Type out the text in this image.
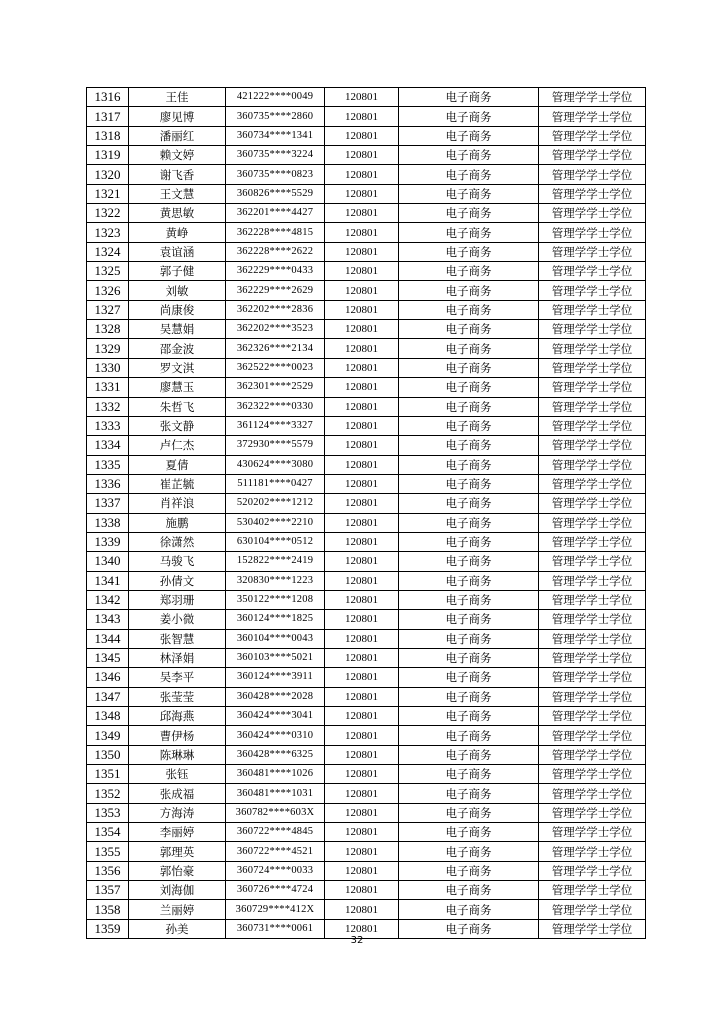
1316	王佳	421222****0049	120801	电子商务	管理学学士学位
1317	廖见博	360735****2860	120801	电子商务	管理学学士学位
1318	潘丽红	360734****1341	120801	电子商务	管理学学士学位
1319	赖文婷	360735****3224	120801	电子商务	管理学学士学位
1320	谢飞香	360735****0823	120801	电子商务	管理学学士学位
1321	王文慧	360826****5529	120801	电子商务	管理学学士学位
1322	黄思敏	362201****4427	120801	电子商务	管理学学士学位
1323	黄峥	362228****4815	120801	电子商务	管理学学士学位
1324	袁谊涵	362228****2622	120801	电子商务	管理学学士学位
1325	郭子健	362229****0433	120801	电子商务	管理学学士学位
1326	刘敏	362229****2629	120801	电子商务	管理学学士学位
1327	尚康俊	362202****2836	120801	电子商务	管理学学士学位
1328	吴慧娟	362202****3523	120801	电子商务	管理学学士学位
1329	邵金波	362326****2134	120801	电子商务	管理学学士学位
1330	罗文淇	362522****0023	120801	电子商务	管理学学士学位
1331	廖慧玉	362301****2529	120801	电子商务	管理学学士学位
1332	朱哲飞	362322****0330	120801	电子商务	管理学学士学位
1333	张文静	361124****3327	120801	电子商务	管理学学士学位
1334	卢仁杰	372930****5579	120801	电子商务	管理学学士学位
1335	夏倩	430624****3080	120801	电子商务	管理学学士学位
1336	崔芷毓	511181****0427	120801	电子商务	管理学学士学位
1337	肖祥浪	520202****1212	120801	电子商务	管理学学士学位
1338	施鹏	530402****2210	120801	电子商务	管理学学士学位
1339	徐潇然	630104****0512	120801	电子商务	管理学学士学位
1340	马骏飞	152822****2419	120801	电子商务	管理学学士学位
1341	孙倩文	320830****1223	120801	电子商务	管理学学士学位
1342	郑羽珊	350122****1208	120801	电子商务	管理学学士学位
1343	姜小微	360124****1825	120801	电子商务	管理学学士学位
1344	张智慧	360104****0043	120801	电子商务	管理学学士学位
1345	林泽娟	360103****5021	120801	电子商务	管理学学士学位
1346	吴李平	360124****3911	120801	电子商务	管理学学士学位
1347	张莹莹	360428****2028	120801	电子商务	管理学学士学位
1348	邱海燕	360424****3041	120801	电子商务	管理学学士学位
1349	曹伊杨	360424****0310	120801	电子商务	管理学学士学位
1350	陈琳琳	360428****6325	120801	电子商务	管理学学士学位
1351	张钰	360481****1026	120801	电子商务	管理学学士学位
1352	张成福	360481****1031	120801	电子商务	管理学学士学位
1353	方海涛	360782****603X	120801	电子商务	管理学学士学位
1354	李丽婷	360722****4845	120801	电子商务	管理学学士学位
1355	郭理英	360722****4521	120801	电子商务	管理学学士学位
1356	郭怡豪	360724****0033	120801	电子商务	管理学学士学位
1357	刘海伽	360726****4724	120801	电子商务	管理学学士学位
1358	兰丽婷	360729****412X	120801	电子商务	管理学学士学位
1359	孙美	360731****0061	120801	电子商务	管理学学士学位
32
